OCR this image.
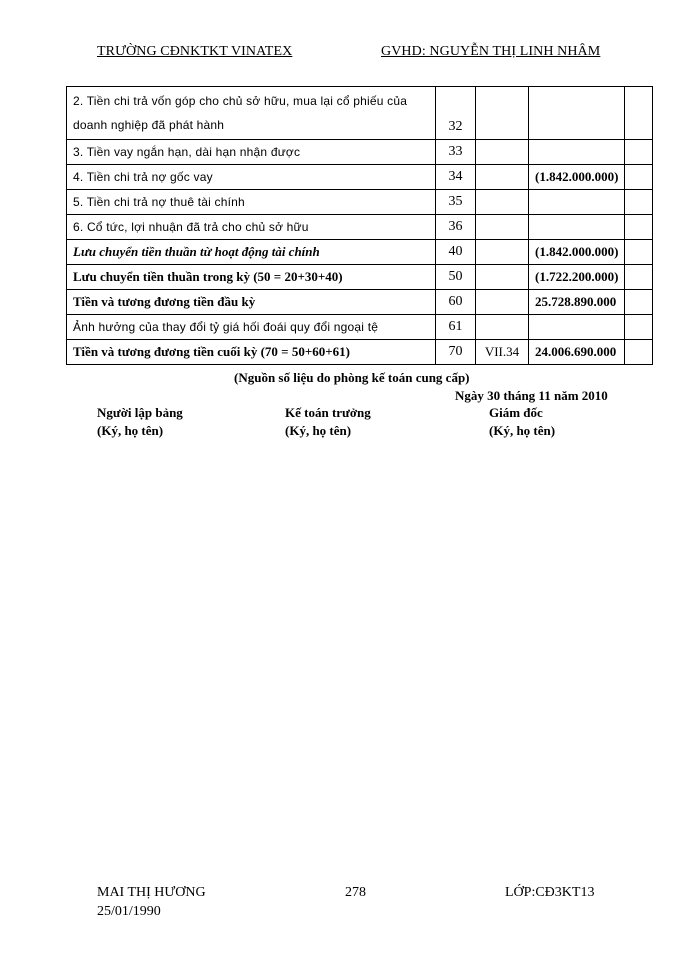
TRƯỜNG CĐNKTKT VINATEX	GVHD: NGUYỄN THỊ LINH NHÂM
2. Tiền chi trả vốn góp cho chủ sở hữu, mua lại cổ phiếu của
doanh nghiệp đã phát hành	32			
3. Tiền vay ngắn hạn, dài hạn nhận được	33			
4. Tiền chi trả nợ gốc vay	34		(1.842.000.000)	
5. Tiền chi trả nợ thuê tài chính	35			
6. Cổ tức, lợi nhuận đã trả cho chủ sở hữu	36			
Lưu chuyển tiền thuần từ hoạt động tài chính	40		(1.842.000.000)	
Lưu chuyển tiền thuần trong kỳ (50 = 20+30+40)	50		(1.722.200.000)	
Tiền và tương đương tiền đầu kỳ	60		25.728.890.000	
Ảnh hưởng của thay đổi tỷ giá hối đoái quy đổi ngoại tệ	61			
Tiền và tương đương tiền cuối kỳ (70 = 50+60+61)	70	VII.34	24.006.690.000	
(Nguồn số liệu do phòng kế toán cung cấp)
Ngày 30 tháng 11 năm 2010
Người lập bảng
(Ký, họ tên)
Kế toán trưởng
(Ký, họ tên)
Giám đốc
(Ký, họ tên)
MAI THỊ HƯƠNG
25/01/1990
278	LỚP:CĐ3KT13
